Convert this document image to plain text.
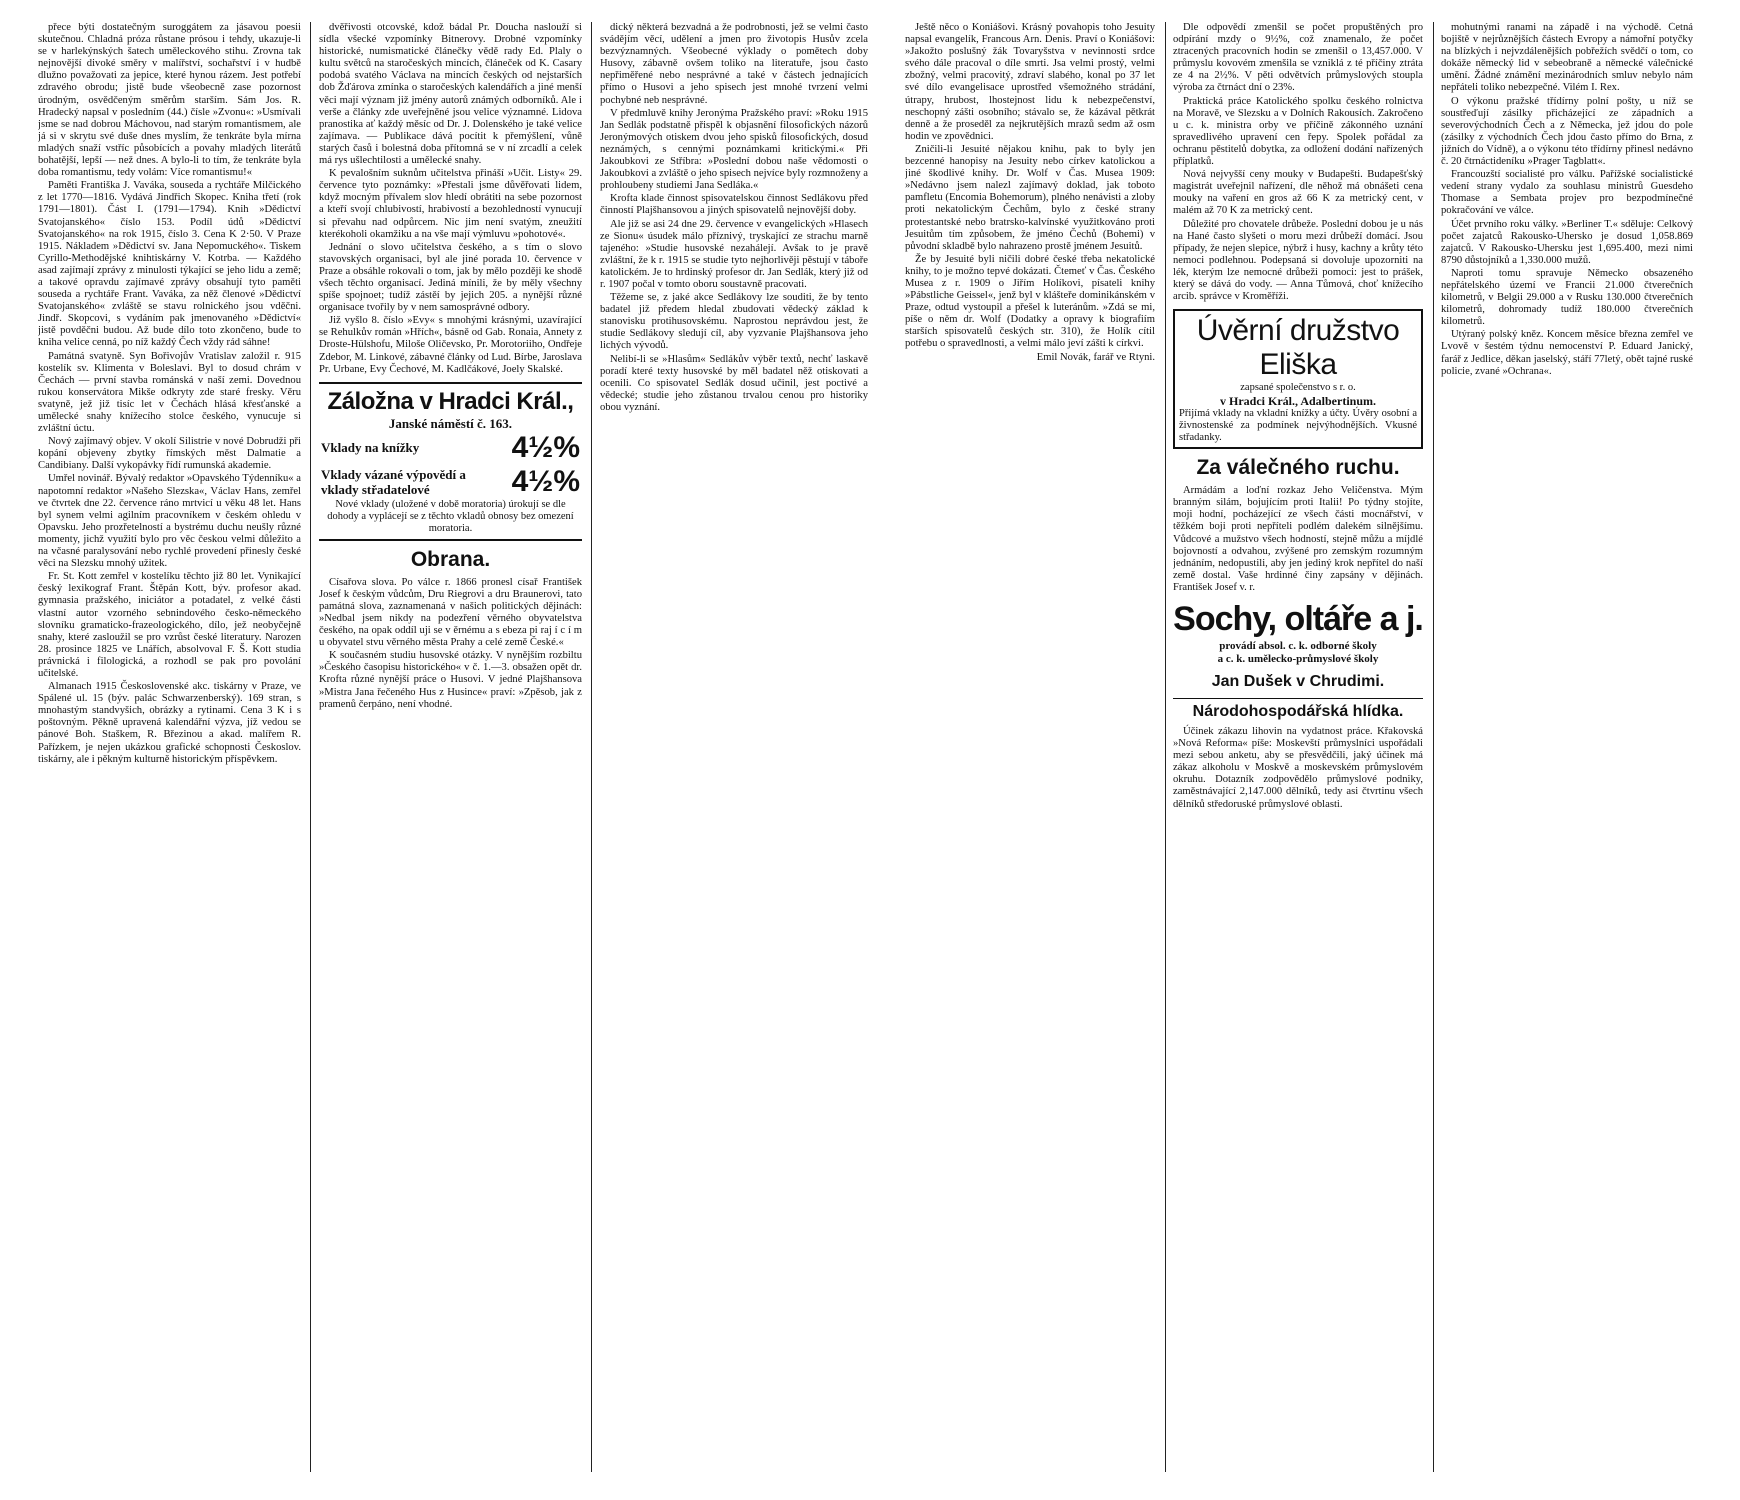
přece býti dostatečným suroggátem za jásavou poesii skutečnou. Chladná próza růstane prósou i tehdy, ukazuje-li se v harlekýnských šatech uměleckového stihu. Zrovna tak nejnovější divoké směry v malířství, sochařství i v hudbě dlužno považovati za jepice, které hynou rázem. Jest potřebí zdravého obrodu; jistě bude všeobecně zase pozornost úrodným, osvědčeným směrům starším. Sám Jos. R. Hradecký napsal v posledním (44.) čísle »Zvonu«: »Usmívali jsme se nad dobrou Máchovou, nad starým romantismem, ale já si v skrytu své duše dnes myslím, že tenkráte byla mírna mladých snaží vstříc působících a povahy mladých literátů bohatější, lepší — než dnes. A bylo-li to tím, že tenkráte byla doba romantismu, tedy volám: Více romantismu!«

Paměti Františka J. Vaváka, souseda a rychtáře Milčického z let 1770—1816. Vydává Jindřich Skopec. Kniha třetí (rok 1791—1801). Část I. (1791—1794). Knih »Dědictví Svatojanského« číslo 153. Podíl údů »Dědictví Svatojanského« na rok 1915, číslo 3. Cena K 2·50. V Praze 1915. Nákladem »Dědictví sv. Jana Nepomuckého«. Tiskem Cyrillo-Methodějské knihtiskárny V. Kotrba. — Každého asad zajímají zprávy z minulosti týkající se jeho lidu a země; a takové opravdu zajímavé zprávy obsahují tyto paměti souseda a rychtáře Frant. Vaváka, za něž členové »Dědictví Svatojanského« zvláště se stavu rolnického jsou vděčni. Jindř. Skopcovi, s vydáním pak jmenovaného »Dědictví« jistě povděčni budou. Až bude dílo toto zkončeno, bude to kniha velice cenná, po níž každý Čech vždy rád sáhne!

Památná svatyně. Syn Bořivojův Vratislav založil r. 915 kostelík sv. Klimenta v Boleslavi. Byl to dosud chrám v Čechách — první stavba románská v naší zemi. Dovednou rukou konservátora Mikše odkryty zde staré fresky. Věru svatyně, jež již tisíc let v Čechách hlásá křesťanské a umělecké snahy knížecího stolce českého, vynucuje si zvláštní úctu.

Nový zajímavý objev. V okolí Silistrie v nové Dobrudži při kopání objeveny zbytky římských měst Dalmatie a Candibiany. Další vykopávky řídí rumunská akademie.

Umřel novinář. Bývalý redaktor »Opavského Týdenníku« a napotomní redaktor »Našeho Slezska«, Václav Hans, zemřel ve čtvrtek dne 22. července ráno mrtvicí u věku 48 let. Hans byl synem velmi agilním pracovníkem v českém ohledu v Opavsku. Jeho prozřetelností a bystrému duchu neušly různé momenty, jichž využití bylo pro věc českou velmi důležito a na včasné paralysování nebo rychlé provedení přinesly české věci na Slezsku mnohý užitek.

Fr. St. Kott zemřel v kostelíku těchto již 80 let. Vynikající český lexikograf Frant. Štěpán Kott, býv. profesor akad. gymnasia pražského, iniciátor a potadatel, z velké části vlastní autor vzorného sebnindového česko-německého slovníku gramaticko-frazeologického, dílo, jež neobyčejně snahy, které zasloužil se pro vzrůst české literatury. Narozen 28. prosince 1825 ve Lnářích, absolvoval F. Š. Kott studia právnická i filologická, a rozhodl se pak pro povolání učitelské.

Almanach 1915 Československé akc. tiskárny v Praze, ve Spálené ul. 15 (býv. palác Schwarzenberský). 169 stran, s mnohastým standvyšich, obrázky a rytinami. Cena 3 K i s poštovným. Pěkně upravená kalendářní výzva, jíž vedou se pánové Boh. Staškem, R. Březinou a akad. malířem R. Pařízkem, je nejen ukázkou grafické schopnosti Českoslov. tiskárny, ale i pěkným kulturně historickým příspěvkem.

dvěřivosti otcovské, kdož bádal Pr. Doucha naslouží si sídla všecké vzpomínky Bitnerovy. Drobné vzpomínky historické, numismatické článečky vědě rady Ed. Plaly o kultu světců na staročeských mincích, článeček od K. Casary podobá svatého Václava na mincích českých od nejstarších dob Žďárova zmínka o staročeských kalendářích a jiné menší věci mají význam již jmény autorů známých odborníků. Ale i verše a články zde uveřejněné jsou velice významné. Lidova pranostika ať každý měsíc od Dr. J. Dolenského je také velice zajímava. — Publikace dává pocítit k přemýšlení, vůně starých časů i bolestná doba přítomná se v ní zrcadlí a celek má rys ušlechtilosti a umělecké snahy.

K pevalošním suknům učitelstva přináší »Učit. Listy« 29. července tyto poznámky: »Přestali jsme důvěřovati lidem, když mocným přívalem slov hledí obrátiti na sebe pozornost a kteří svojí chlubivostí, hrabivostí a bezohledností vynucují si převahu nad odpůrcem. Nic jim není svatým, zneužití kterékoholi okamžiku a na vše mají výmluvu »pohotové«.

Jednání o slovo učitelstva českého, a s tím o slovo stavovských organisaci, byl ale jiné porada 10. července v Praze a obsáhle rokovali o tom, jak by mělo později ke shodě všech těchto organisací. Jediná mínili, že by měly všechny spíše spojnoet; tudíž zástěí by jejich 205. a nynější různé organisace tvořily by v nem samosprávné odbory.

Již vyšlo 8. číslo »Evy« s mnohými krásnými, uzavírající se Rehulkův román »Hřích«, básně od Gab. Ronaia, Annety z Droste-Hülshofu, Miloše Oličevsko, Pr. Morotoriiho, Ondřeje Zdebor, M. Linkové, zábavné články od Lud. Bírbe, Jaroslava Pr. Urbane, Evy Čechové, M. Kadlčákové, Joely Skalské.

Záložna v Hradci Král.,
Janské náměstí č. 163.
Vklady na knížky	4½%
Vklady vázané výpovědí a vklady střadatelové	4½%
Nové vklady (uložené v době moratoria) úrokují se dle dohody a vyplácejí se z těchto vkladů obnosy bez omezení moratoria.
Obrana.

Císařova slova. Po válce r. 1866 pronesl císař František Josef k českým vůdcům, Dru Riegrovi a dru Braunerovi, tato památná slova, zaznamenaná v našich politických dějinách: »Nedbal jsem nikdy na podezření věrného obyvatelstva českého, na opak oddíl uji se v ěrnému a s ebeza pi raj í c í m u obyvatel stvu věrného města Prahy a celé země České.«

K současném studiu husovské otázky. V nynějším rozbiltu »Českého časopisu historického« v č. 1.—3. obsažen opět dr. Krofta různé nynější práce o Husovi. V jedné Plajšhansova »Mistra Jana řečeného Hus z Husince« praví: »Zpěsob, jak z pramenů čerpáno, není vhodné.

dický některá bezvadná a že podrobnosti, jež se velmi často svádějím věcí, udělení a jmen pro životopis Husův zcela bezvýznamných. Všeobecné výklady o pomětech doby Husovy, zábavně ovšem toliko na literatuře, jsou často nepřiměřené nebo nesprávné a také v částech jednajících přímo o Husovi a jeho spisech jest mnohé tvrzení velmi pochybné neb nesprávné.

V předmluvě knihy Jeronýma Pražského praví: »Roku 1915 Jan Sedlák podstatně přispěl k objasnění filosofických názorů Jeronýmových otiskem dvou jeho spisků filosofických, dosud neznámých, s cennými poznámkami kritickými.« Při Jakoubkovi ze Stříbra: »Poslední dobou naše vědomosti o Jakoubkovi a zvláště o jeho spisech nejvíce byly rozmnoženy a prohloubeny studiemi Jana Sedláka.«

Krofta klade činnost spisovatelskou činnost Sedlákovu před činností Plajšhansovou a jiných spisovatelů nejnovější doby.

Ale již se asi 24 dne 29. července v evangelických »Hlasech ze Sionu« úsudek málo příznivý, tryskající ze strachu marně tajeného: »Studie husovské nezahálejí. Avšak to je pravě zvláštní, že k r. 1915 se studie tyto nejhorlivěji pěstují v táboře katolickém. Je to hrdinský profesor dr. Jan Sedlák, který již od r. 1907 počal v tomto oboru soustavně pracovati.

Těžeme se, z jaké akce Sedlákovy lze souditi, že by tento badatel již předem hledal zbudovati vědecký základ k stanovisku protihusovskému. Naprostou neprávdou jest, že studie Sedlákovy sledují cíl, aby vyzvanie Plajšhansova jeho lichých vývodů.

Nelibí-li se »Hlasům« Sedlákův výběr textů, nechť laskavě poradí které texty husovské by měl badatel něž otiskovati a ocenili. Co spisovatel Sedlák dosud učinil, jest poctivé a vědecké; studie jeho zůstanou trvalou cenou pro historiky obou vyznání.

Ještě něco o Koniášovi. Krásný povahopis toho Jesuity napsal evangelík, Francous Arn. Denis. Praví o Koniášovi: »Jakožto poslušný žák Tovaryšstva v nevinnosti srdce svého dále pracoval o díle smrti. Jsa velmi prostý, velmi zbožný, velmi pracovitý, zdraví slabého, konal po 37 let své dílo evangelisace uprostřed všemožného strádání, útrapy, hrubost, lhostejnost lidu k nebezpečenství, neschopný zášti osobního; stávalo se, že kázával pětkrát denně a že proseděl za nejkrutějších mrazů sedm až osm hodin ve zpovědnici.

Zničili-li Jesuité nějakou knihu, pak to byly jen bezcenné hanopisy na Jesuity nebo církev katolickou a jiné škodlivé knihy. Dr. Wolf v Čas. Musea 1909: »Nedávno jsem nalezl zajímavý doklad, jak toboto pamfletu (Encomia Bohemorum), plného nenávisti a zloby proti nekatolickým Čechům, bylo z české strany protestantské nebo bratrsko-kalvínské využitkováno proti Jesuitům tím způsobem, že jméno Čechů (Bohemi) v původní skladbě bylo nahrazeno prostě jménem Jesuitů.

Že by Jesuité byli ničili dobré české třeba nekatolické knihy, to je možno tepvé dokázati. Čtemeť v Čas. Českého Musea z r. 1909 o Jiřím Holíkovi, písateli knihy »Pábstliche Geissel«, jenž byl v klášteře dominikánském v Praze, odtud vystoupil a přešel k luteránům. »Zdá se mi, píše o něm dr. Wolf (Dodatky a opravy k biografiím starších spisovatelů českých str. 310), že Holík cítil potřebu o spravedlnosti, a velmi málo jeví zášti k církvi.

Emil Novák, farář ve Rtyni.

Dle odpovědí zmenšil se počet propuštěných pro odpírání mzdy o 9½%, což znamenalo, že počet ztracených pracovních hodin se zmenšil o 13,457.000. V průmyslu kovovém zmenšila se vzniklá z té příčiny ztráta ze 4 na 2½%. V pěti odvětvích průmyslových stoupla výroba za čtrnáct dní o 23%.

Praktická práce Katolického spolku českého rolnictva na Moravě, ve Slezsku a v Dolních Rakousích. Zakročeno u c. k. ministra orby ve příčině zákonného uznání spravedlivého upravení cen řepy. Spolek pořádal za ochranu pěstitelů dobytka, za odložení dodání nařízených příplatků.

Nová nejvyšší ceny mouky v Budapešti. Budapešťský magistrát uveřejnil nařízení, dle něhož má obnášeti cena mouky na vaření en gros až 66 K za metrický cent, v malém až 70 K za metrický cent.

Důležité pro chovatele drůbeže. Poslední dobou je u nás na Hané často slyšeti o moru mezi drůbeží domácí. Jsou případy, že nejen slepice, nýbrž i husy, kachny a krůty této nemoci podlehnou. Podepsaná si dovoluje upozorniti na lék, kterým lze nemocné drůbeži pomoci: jest to prášek, který se dává do vody. — Anna Tůmová, choť knížecího arcib. správce v Kroměříži.

Úvěrní družstvo Eliška
zapsané společenstvo s r. o.
v Hradci Král., Adalbertinum.
Přijímá vklady na vkladní knížky a účty. Úvěry osobní a živnostenské za podmínek nejvýhodnějších. Vkusné střadanky.
Za válečného ruchu.

Armádám a loďní rozkaz Jeho Veličenstva. Mým branným silám, bojujícím proti Italii! Po týdny stojíte, moji hodní, pocházející ze všech části mocnářství, v těžkém boji proti nepříteli podlém dalekém silnějšímu. Vůdcové a mužstvo všech hodností, stejně můžu a míjdlé bojovností a odvahou, zvýšené pro zemským rozumným jednáním, nedopustili, aby jen jediný krok nepřítel do naší země dostal. Vaše hrdinné činy zapsány v dějinách. František Josef v. r.

Sochy, oltáře a j.
provádí absol. c. k. odborné školy
a c. k. umělecko-průmyslové školy
Jan Dušek v Chrudimi.
Národohospodářská hlídka.

Účinek zákazu lihovin na vydatnost práce. Křakovská »Nová Reforma« píše: Moskevští průmyslníci uspořádali mezi sebou anketu, aby se přesvědčili, jaký účinek má zákaz alkoholu v Moskvě a moskevském průmyslovém okruhu. Dotazník zodpovědělo průmyslové podniky, zaměstnávající 2,147.000 dělníků, tedy asi čtvrtinu všech dělníků středoruské průmyslové oblasti.

mohutnými ranami na západě i na východě. Četná bojiště v nejrůznějších částech Evropy a námořní potyčky na blízkých i nejvzdálenějších pobřežích svědčí o tom, co dokáže německý lid v sebeobraně a německé válečnické umění. Žádné známění mezinárodních smluv nebylo nám nepřáteli toliko nebezpečné. Vilém I. Rex.

O výkonu pražské třídírny polní pošty, u níž se soustřeďují zásilky přicházející ze západních a severovýchodních Čech a z Německa, jež jdou do pole (zásilky z východních Čech jdou často přímo do Brna, z jižních do Vídně), a o výkonu této třídírny přinesl nedávno č. 20 čtrnáctideníku »Prager Tagblatt«.

Francouzští socialisté pro válku. Pařížské socialistické vedení strany vydalo za souhlasu ministrů Guesdeho Thomase a Sembata projev pro bezpodmínečné pokračování ve válce.

Účet prvního roku války. »Berliner T.« sděluje: Celkový počet zajatců Rakousko-Uhersko je dosud 1,058.869 zajatců. V Rakousko-Uhersku jest 1,695.400, mezi nimi 8790 důstojníků a 1,330.000 mužů.

Naproti tomu spravuje Německo obsazeného nepřátelského území ve Francii 21.000 čtverečních kilometrů, v Belgii 29.000 a v Rusku 130.000 čtverečních kilometrů, dohromady tudíž 180.000 čtverečních kilometrů.

Utýraný polský kněz. Koncem měsíce března zemřel ve Lvově v šestém týdnu nemocenství P. Eduard Janický, farář z Jedlice, děkan jaselský, stáří 77letý, obět tajné ruské policie, zvané »Ochrana«.
